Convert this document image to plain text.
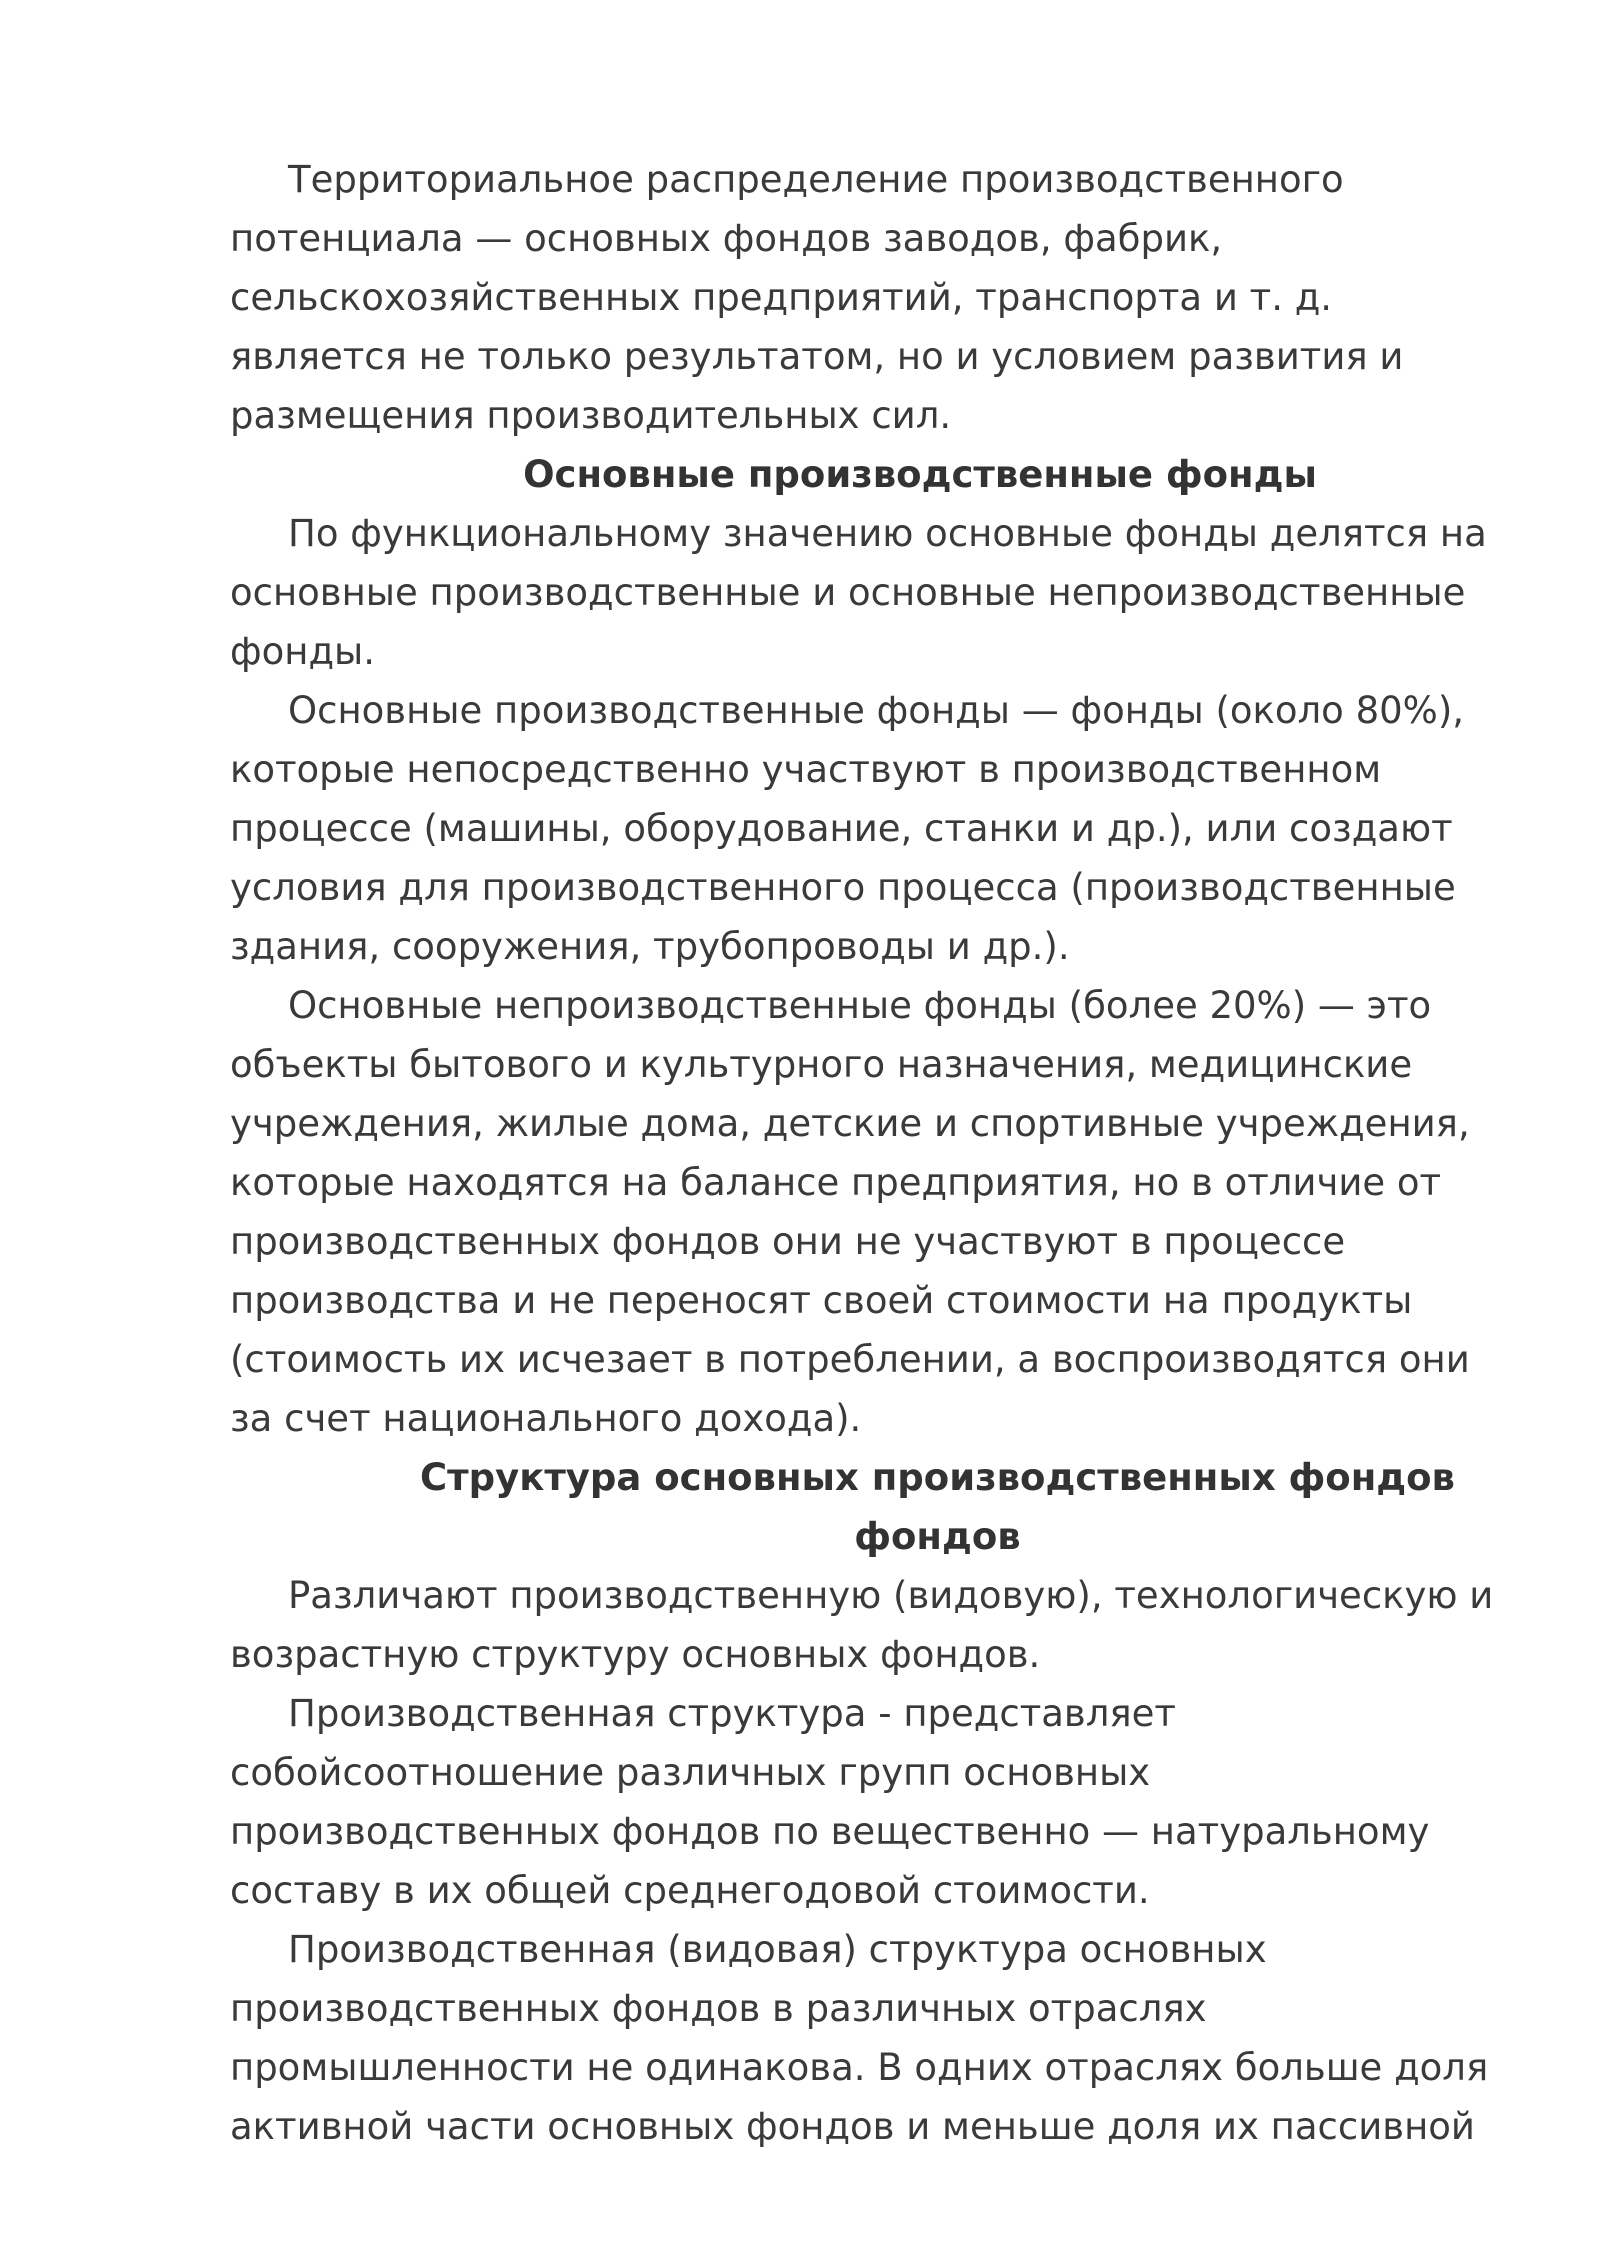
Территориальное распределение производственного потенциала — основных фондов заводов, фабрик, сельскохозяйственных предприятий, транспорта и т. д. является не только результатом, но и условием развития и размещения производительных сил.

Основные производственные фонды

По функциональному значению основные фонды делятся на основные производственные и основные непроизводственные фонды.

Основные производственные фонды — фонды (около 80%), которые непосредственно участвуют в производственном процессе (машины, оборудование, станки и др.), или создают условия для производственного процесса (производственные здания, сооружения, трубопроводы и др.).

Основные непроизводственные фонды (более 20%) — это объекты бытового и культурного назначения, медицинские учреждения, жилые дома, детские и спортивные учреждения, которые находятся на балансе предприятия, но в отличие от производственных фондов они не участвуют в процессе производства и не переносят своей стоимости на продукты (стоимость их исчезает в потреблении, а воспроизводятся они за счет национального дохода).

Структура основных производственных фондов фондов

Различают производственную (видовую), технологическую и возрастную структуру основных фондов.

Производственная структура - представляет собойсоотношение различных групп основных производственных фондов по вещественно — натуральному составу в их общей среднегодовой стоимости.

Производственная (видовая) структура основных производственных фондов в различных отраслях промышленности не одинакова. В одних отраслях больше доля активной части основных фондов и меньше доля их пассивной
